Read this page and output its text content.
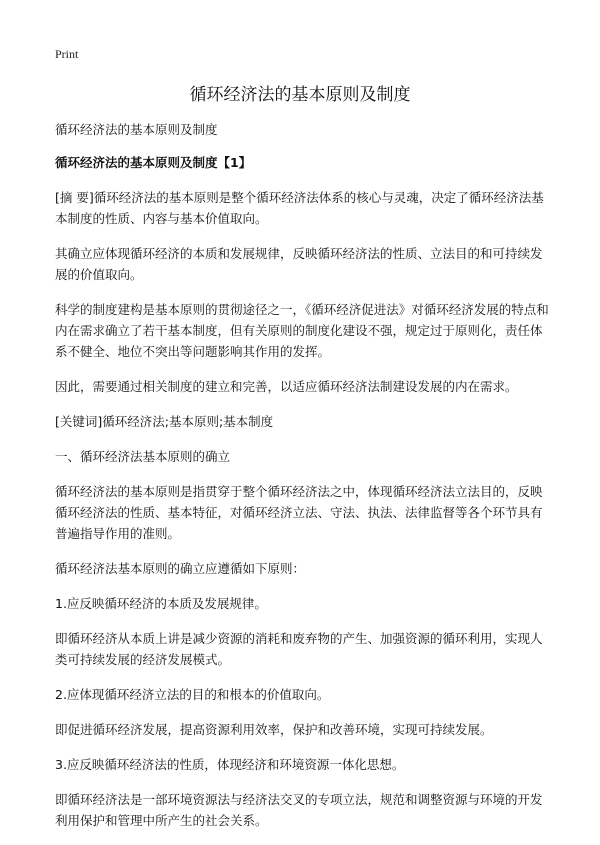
Print
循环经济法的基本原则及制度

循环经济法的基本原则及制度

循环经济法的基本原则及制度【1】

[摘 要]循环经济法的基本原则是整个循环经济法体系的核心与灵魂，决定了循环经济法基本制度的性质、内容与基本价值取向。

其确立应体现循环经济的本质和发展规律，反映循环经济法的性质、立法目的和可持续发展的价值取向。

科学的制度建构是基本原则的贯彻途径之一，《循环经济促进法》对循环经济发展的特点和内在需求确立了若干基本制度，但有关原则的制度化建设不强，规定过于原则化，责任体系不健全、地位不突出等问题影响其作用的发挥。

因此，需要通过相关制度的建立和完善，以适应循环经济法制建设发展的内在需求。

[关键词]循环经济法;基本原则;基本制度

一、循环经济法基本原则的确立

循环经济法的基本原则是指贯穿于整个循环经济法之中，体现循环经济法立法目的，反映循环经济法的性质、基本特征，对循环经济立法、守法、执法、法律监督等各个环节具有普遍指导作用的准则。

循环经济法基本原则的确立应遵循如下原则：

1.应反映循环经济的本质及发展规律。

即循环经济从本质上讲是减少资源的消耗和废弃物的产生、加强资源的循环利用，实现人类可持续发展的经济发展模式。

2.应体现循环经济立法的目的和根本的价值取向。

即促进循环经济发展，提高资源利用效率，保护和改善环境，实现可持续发展。

3.应反映循环经济法的性质，体现经济和环境资源一体化思想。

即循环经济法是一部环境资源法与经济法交叉的专项立法，规范和调整资源与环境的开发利用保护和管理中所产生的社会关系。
